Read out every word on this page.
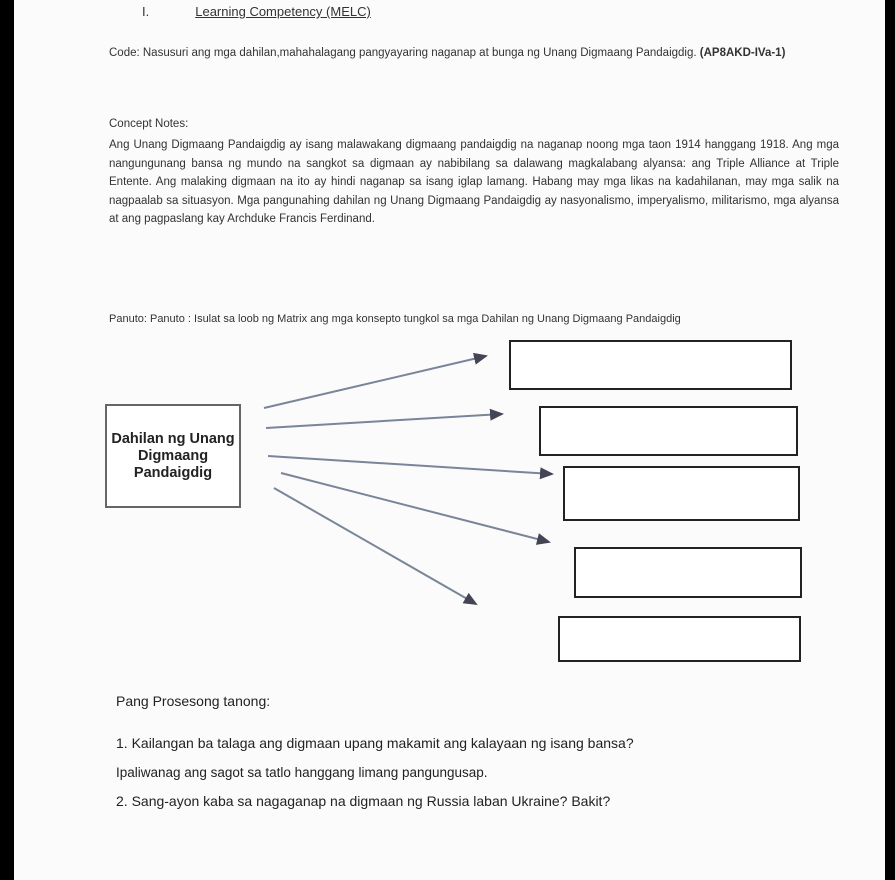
I.	Learning Competency (MELC)
Code: Nasusuri ang mga dahilan,mahahalagang pangyayaring naganap at bunga ng Unang Digmaang Pandaigdig. (AP8AKD-IVa-1)
Concept Notes:
Ang Unang Digmaang Pandaigdig ay isang malawakang digmaang pandaigdig na naganap noong mga taon 1914 hanggang 1918. Ang mga nangungunang bansa ng mundo na sangkot sa digmaan ay nabibilang sa dalawang magkalabang alyansa: ang Triple Alliance at Triple Entente. Ang malaking digmaan na ito ay hindi naganap sa isang iglap lamang. Habang may mga likas na kadahilanan, may mga salik na nagpaalab sa situasyon. Mga pangunahing dahilan ng Unang Digmaang Pandaigdig ay nasyonalismo, imperyalismo, militarismo, mga alyansa at ang pagpaslang kay Archduke Francis Ferdinand.
Panuto: Panuto : Isulat sa loob ng Matrix ang mga konsepto tungkol sa mga Dahilan ng Unang Digmaang Pandaigdig
Dahilan ng Unang Digmaang Pandaigdig
Pang Prosesong tanong:
1. Kailangan ba talaga ang digmaan upang makamit ang kalayaan ng isang bansa?
Ipaliwanag ang sagot sa tatlo hanggang limang pangungusap.
2. Sang-ayon kaba sa nagaganap na digmaan ng Russia laban Ukraine? Bakit?
